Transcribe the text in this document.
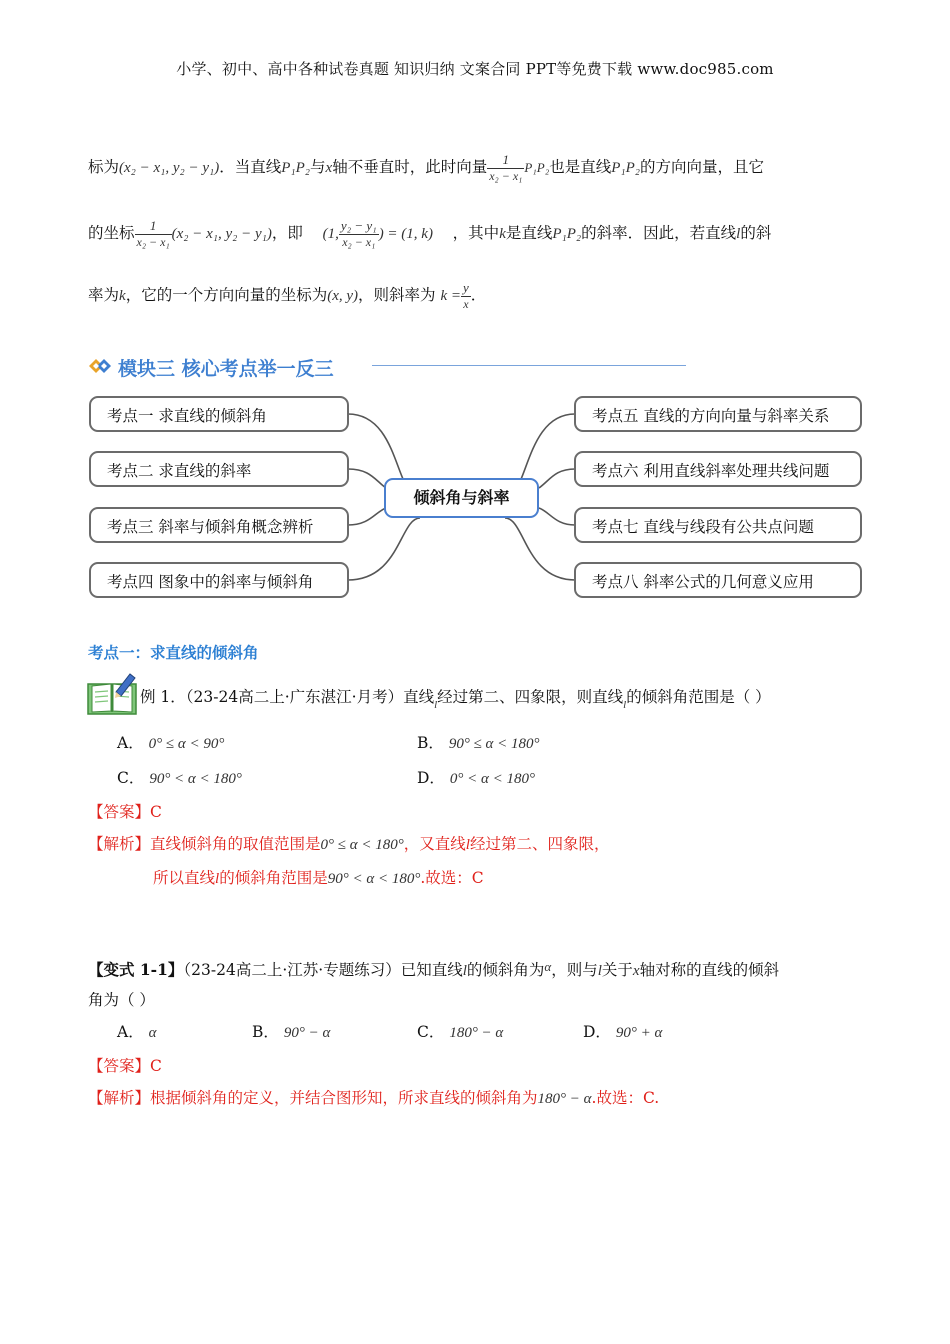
小学、初中、高中各种试卷真题 知识归纳 文案合同 PPT等免费下载 www.doc985.com
标为(x₂ − x₁, y₂ − y₁)．当直线P₁P₂与x轴不垂直时，此时向量 $\frac{1}{\text{x₂ − x₁}} P_1P_2$也是直线P₁P₂的方向向量，且它
的坐标 $\frac{1}{\text{x₂ − x₁}} (x_2 - x_1$, y₂ − y₁)，即 (1, $\frac{\text{y₂ − y₁}}{\text{x₂ − x₁}}$ ) = (1, k) ，其中k是直线P₁P₂的斜率．因此，若直线l的斜
率为k，它的一个方向向量的坐标为(x, y)，则斜率为 $k = \frac{y}{x}$ ．
模块三 核心考点举一反三
考点一 求直线的倾斜角
考点二 求直线的斜率
考点三 斜率与倾斜角概念辨析
考点四 图象中的斜率与倾斜角
倾斜角与斜率
考点五 直线的方向向量与斜率关系
考点六 利用直线斜率处理共线问题
考点七 直线与线段有公共点问题
考点八 斜率公式的几何意义应用
考点一：求直线的倾斜角
例 1．（23-24高二上·广东湛江·月考）直线$_l$经过第二、四象限，则直线$_l$的倾斜角范围是（ ）
A． 0° ≤ α < 90°	B． 90° ≤ α < 180°
C． 90° < α < 180°	D． 0° < α < 180°
【答案】C
【解析】直线倾斜角的取值范围是0° ≤ α < 180°，又直线l经过第二、四象限，
所以直线l的倾斜角范围是90° < α < 180°.故选：C
【变式 1-1】（23-24高二上·江苏·专题练习）已知直线l的倾斜角为$^\alpha$，则与l关于x轴对称的直线的倾斜
角为（ ）
A． α	B． 90° − α	C． 180° − α	D． 90° + α
【答案】C
【解析】根据倾斜角的定义，并结合图形知，所求直线的倾斜角为180° − α.故选：C.
